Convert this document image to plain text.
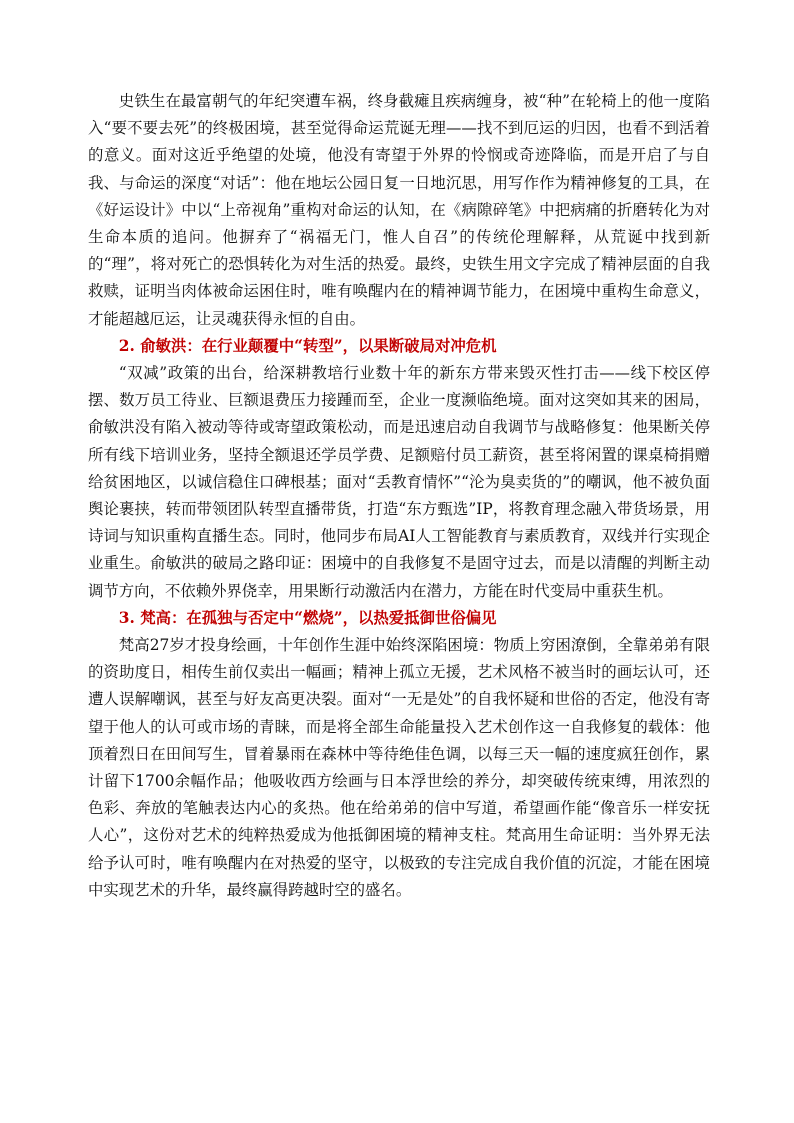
史铁生在最富朝气的年纪突遭车祸，终身截瘫且疾病缠身，被“种”在轮椅上的他一度陷入“要不要去死”的终极困境，甚至觉得命运荒诞无理——找不到厄运的归因，也看不到活着的意义。面对这近乎绝望的处境，他没有寄望于外界的怜悯或奇迹降临，而是开启了与自我、与命运的深度“对话”：他在地坛公园日复一日地沉思，用写作作为精神修复的工具，在《好运设计》中以“上帝视角”重构对命运的认知，在《病隙碎笔》中把病痛的折磨转化为对生命本质的追问。他摒弃了“祸福无门，惟人自召”的传统伦理解释，从荒诞中找到新的“理”，将对死亡的恐惧转化为对生活的热爱。最终，史铁生用文字完成了精神层面的自我救赎，证明当肉体被命运困住时，唯有唤醒内在的精神调节能力，在困境中重构生命意义，才能超越厄运，让灵魂获得永恒的自由。

2. 俞敏洪：在行业颠覆中“转型”，以果断破局对冲危机

“双减”政策的出台，给深耕教培行业数十年的新东方带来毁灭性打击——线下校区停摆、数万员工待业、巨额退费压力接踵而至，企业一度濒临绝境。面对这突如其来的困局，俞敏洪没有陷入被动等待或寄望政策松动，而是迅速启动自我调节与战略修复：他果断关停所有线下培训业务，坚持全额退还学员学费、足额赔付员工薪资，甚至将闲置的课桌椅捐赠给贫困地区，以诚信稳住口碑根基；面对“丢教育情怀”“沦为臭卖货的”的嘲讽，他不被负面舆论裹挟，转而带领团队转型直播带货，打造“东方甄选”IP，将教育理念融入带货场景，用诗词与知识重构直播生态。同时，他同步布局AI人工智能教育与素质教育，双线并行实现企业重生。俞敏洪的破局之路印证：困境中的自我修复不是固守过去，而是以清醒的判断主动调节方向，不依赖外界侥幸，用果断行动激活内在潜力，方能在时代变局中重获生机。

3. 梵高：在孤独与否定中“燃烧”，以热爱抵御世俗偏见

梵高27岁才投身绘画，十年创作生涯中始终深陷困境：物质上穷困潦倒，全靠弟弟有限的资助度日，相传生前仅卖出一幅画；精神上孤立无援，艺术风格不被当时的画坛认可，还遭人误解嘲讽，甚至与好友高更决裂。面对“一无是处”的自我怀疑和世俗的否定，他没有寄望于他人的认可或市场的青睐，而是将全部生命能量投入艺术创作这一自我修复的载体：他顶着烈日在田间写生，冒着暴雨在森林中等待绝佳色调，以每三天一幅的速度疯狂创作，累计留下1700余幅作品；他吸收西方绘画与日本浮世绘的养分，却突破传统束缚，用浓烈的色彩、奔放的笔触表达内心的炙热。他在给弟弟的信中写道，希望画作能“像音乐一样安抚人心”，这份对艺术的纯粹热爱成为他抵御困境的精神支柱。梵高用生命证明：当外界无法给予认可时，唯有唤醒内在对热爱的坚守，以极致的专注完成自我价值的沉淀，才能在困境中实现艺术的升华，最终赢得跨越时空的盛名。
